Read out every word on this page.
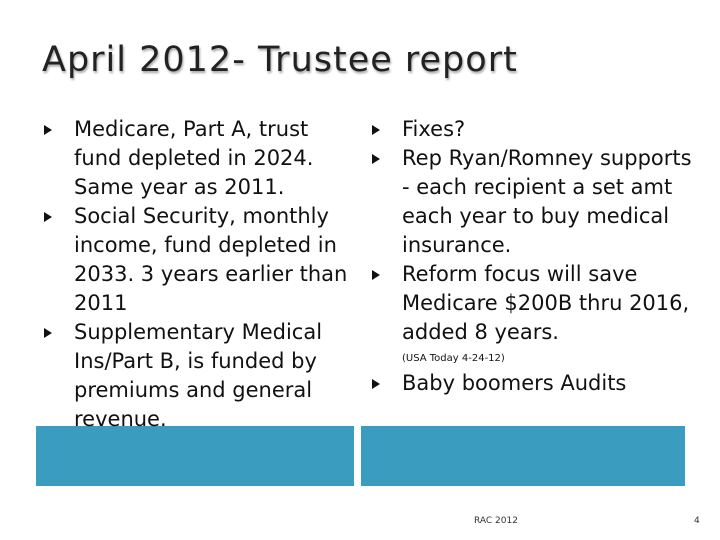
April 2012- Trustee report
Medicare, Part A, trust fund depleted in 2024. Same year as 2011.
Social Security, monthly income, fund depleted in 2033. 3 years earlier than 2011
Supplementary Medical Ins/Part B, is funded by premiums and general revenue.
Fixes?
Rep Ryan/Romney supports - each recipient a set amt each year to buy medical insurance.
Reform focus will save Medicare $200B thru 2016, added 8 years.
(USA Today 4-24-12)
Baby boomers Audits
RAC 2012	4
